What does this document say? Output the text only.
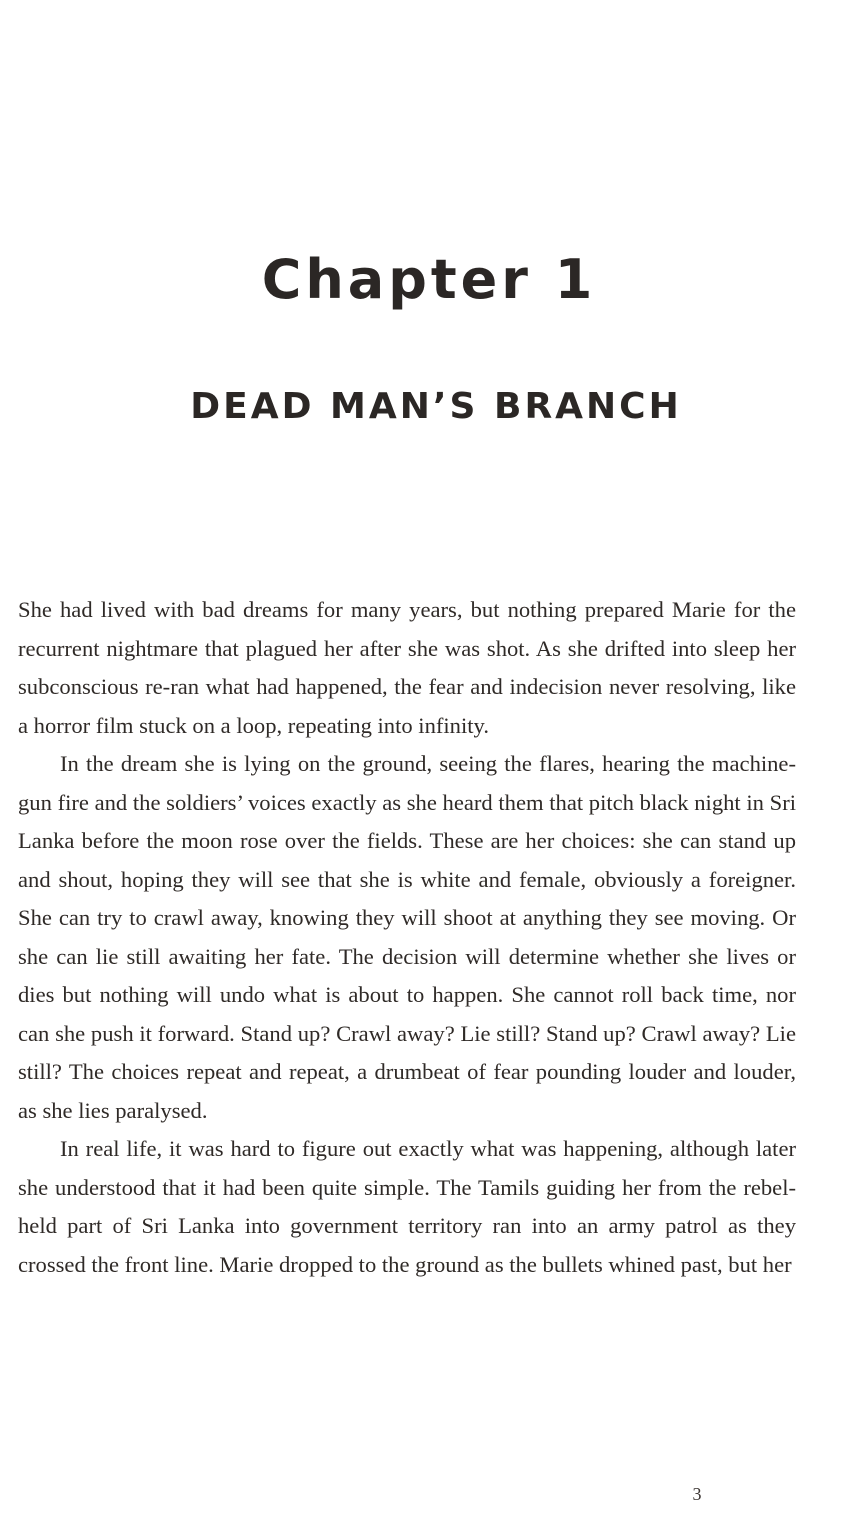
Chapter 1
DEAD MAN’S BRANCH

She had lived with bad dreams for many years, but nothing prepared Marie for the recurrent nightmare that plagued her after she was shot. As she drifted into sleep her subconscious re-ran what had happened, the fear and indecision never resolving, like a horror film stuck on a loop, repeating into infinity.

In the dream she is lying on the ground, seeing the flares, hearing the machine-gun fire and the soldiers’ voices exactly as she heard them that pitch black night in Sri Lanka before the moon rose over the fields. These are her choices: she can stand up and shout, hoping they will see that she is white and female, obviously a foreigner. She can try to crawl away, knowing they will shoot at anything they see moving. Or she can lie still awaiting her fate. The decision will determine whether she lives or dies but nothing will undo what is about to happen. She cannot roll back time, nor can she push it forward. Stand up? Crawl away? Lie still? Stand up? Crawl away? Lie still? The choices repeat and repeat, a drumbeat of fear pounding louder and louder, as she lies paralysed.

In real life, it was hard to figure out exactly what was happening, although later she understood that it had been quite simple. The Tamils guiding her from the rebel-held part of Sri Lanka into government territory ran into an army patrol as they crossed the front line. Marie dropped to the ground as the bullets whined past, but her

3
